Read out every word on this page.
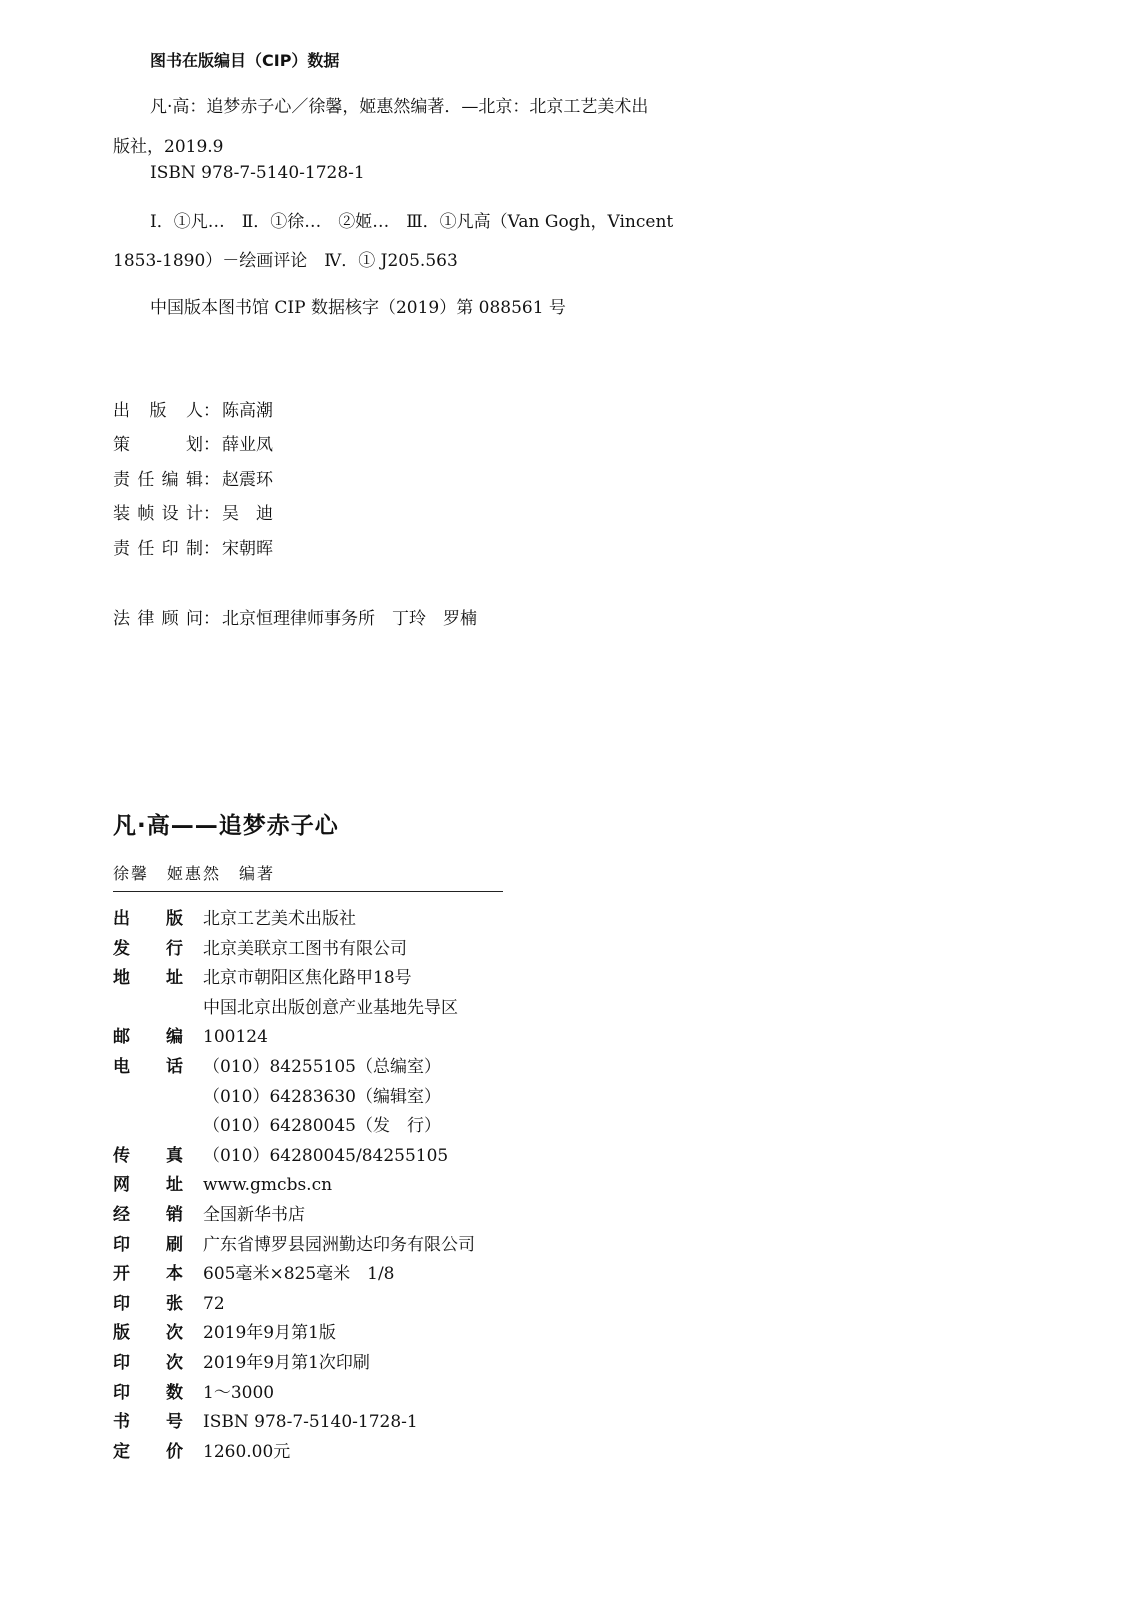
图书在版编目（CIP）数据
凡·高：追梦赤子心／徐馨，姬惠然编著．—北京：北京工艺美术出
版社，2019.9
ISBN 978-7-5140-1728-1
Ⅰ．①凡…　Ⅱ．①徐…　②姬…　Ⅲ．①凡高（Van Gogh，Vincent
1853-1890）－绘画评论　Ⅳ．① J205.563
中国版本图书馆 CIP 数据核字（2019）第 088561 号
出版人： 陈高潮
策划： 薛业凤
责任编辑： 赵震环
装帧设计： 吴　迪
责任印制： 宋朝晖
法律顾问： 北京恒理律师事务所　丁玲　罗楠
凡·高——追梦赤子心
徐馨　姬惠然　编著
出 版 北京工艺美术出版社
发 行 北京美联京工图书有限公司
地 址 北京市朝阳区焦化路甲18号
中国北京出版创意产业基地先导区
邮 编 100124
电 话 （010）84255105（总编室）
（010）64283630（编辑室）
（010）64280045（发　行）
传 真 （010）64280045/84255105
网 址 www.gmcbs.cn
经 销 全国新华书店
印 刷 广东省博罗县园洲勤达印务有限公司
开 本 605毫米×825毫米　1/8
印 张 72
版 次 2019年9月第1版
印 次 2019年9月第1次印刷
印 数 1～3000
书 号 ISBN 978-7-5140-1728-1
定 价 1260.00元
